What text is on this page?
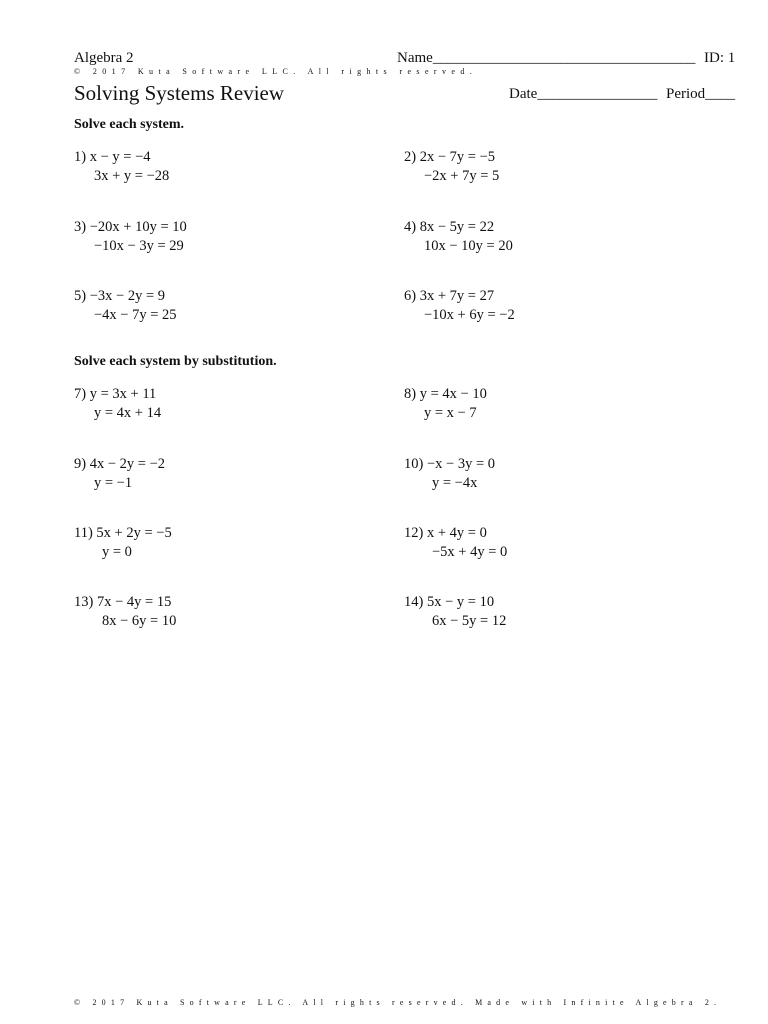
Algebra 2
© 2017 Kuta Software LLC. All rights reserved.
Name___________________________________ ID: 1
Solving Systems Review	Date________________ Period____
Solve each system.
1) x − y = −4
3x + y = −28
2) 2x − 7y = −5
−2x + 7y = 5
3) −20x + 10y = 10
−10x − 3y = 29
4) 8x − 5y = 22
10x − 10y = 20
5) −3x − 2y = 9
−4x − 7y = 25
6) 3x + 7y = 27
−10x + 6y = −2
Solve each system by substitution.
7) y = 3x + 11
y = 4x + 14
8) y = 4x − 10
y = x − 7
9) 4x − 2y = −2
y = −1
10) −x − 3y = 0
y = −4x
11) 5x + 2y = −5
y = 0
12) x + 4y = 0
−5x + 4y = 0
13) 7x − 4y = 15
8x − 6y = 10
14) 5x − y = 10
6x − 5y = 12
© 2017 Kuta Software LLC. All rights reserved. Made with Infinite Algebra 2.
